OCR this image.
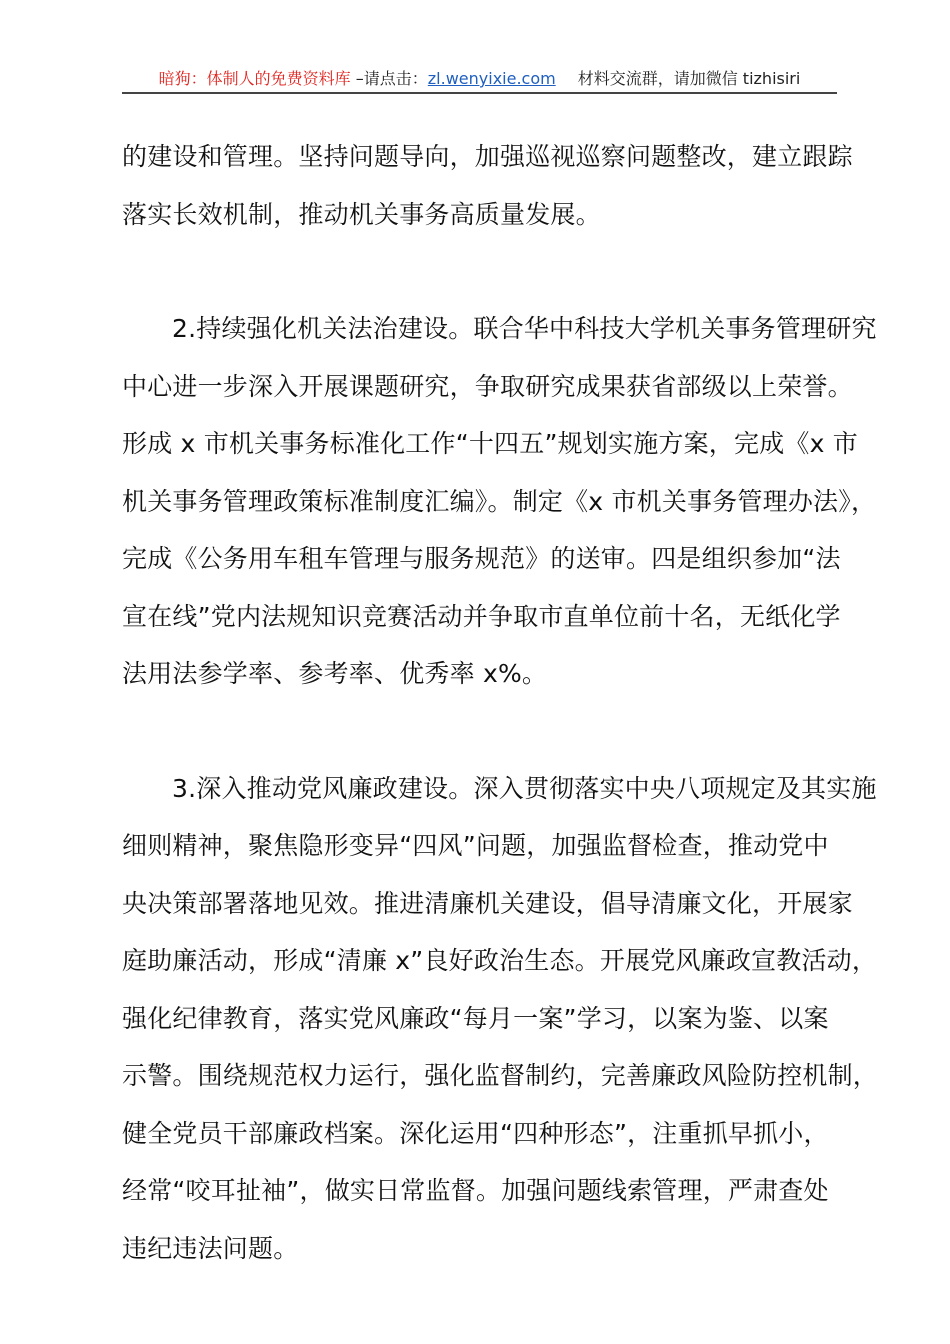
暗狗：体制人的免费资料库 –请点击：zl.wenyixie.com 材料交流群，请加微信 tizhisiri

的建设和管理。坚持问题导向，加强巡视巡察问题整改，建立跟踪
落实长效机制，推动机关事务高质量发展。

2.持续强化机关法治建设。联合华中科技大学机关事务管理研究
中心进一步深入开展课题研究，争取研究成果获省部级以上荣誉。
形成 x 市机关事务标准化工作“十四五”规划实施方案，完成《x 市
机关事务管理政策标准制度汇编》。制定《x 市机关事务管理办法》，
完成《公务用车租车管理与服务规范》的送审。四是组织参加“法
宣在线”党内法规知识竞赛活动并争取市直单位前十名，无纸化学
法用法参学率、参考率、优秀率 x%。

3.深入推动党风廉政建设。深入贯彻落实中央八项规定及其实施
细则精神，聚焦隐形变异“四风”问题，加强监督检查，推动党中
央决策部署落地见效。推进清廉机关建设，倡导清廉文化，开展家
庭助廉活动，形成“清廉 x”良好政治生态。开展党风廉政宣教活动，
强化纪律教育，落实党风廉政“每月一案”学习，以案为鉴、以案
示警。围绕规范权力运行，强化监督制约，完善廉政风险防控机制，
健全党员干部廉政档案。深化运用“四种形态”，注重抓早抓小，
经常“咬耳扯袖”，做实日常监督。加强问题线索管理，严肃查处
违纪违法问题。
